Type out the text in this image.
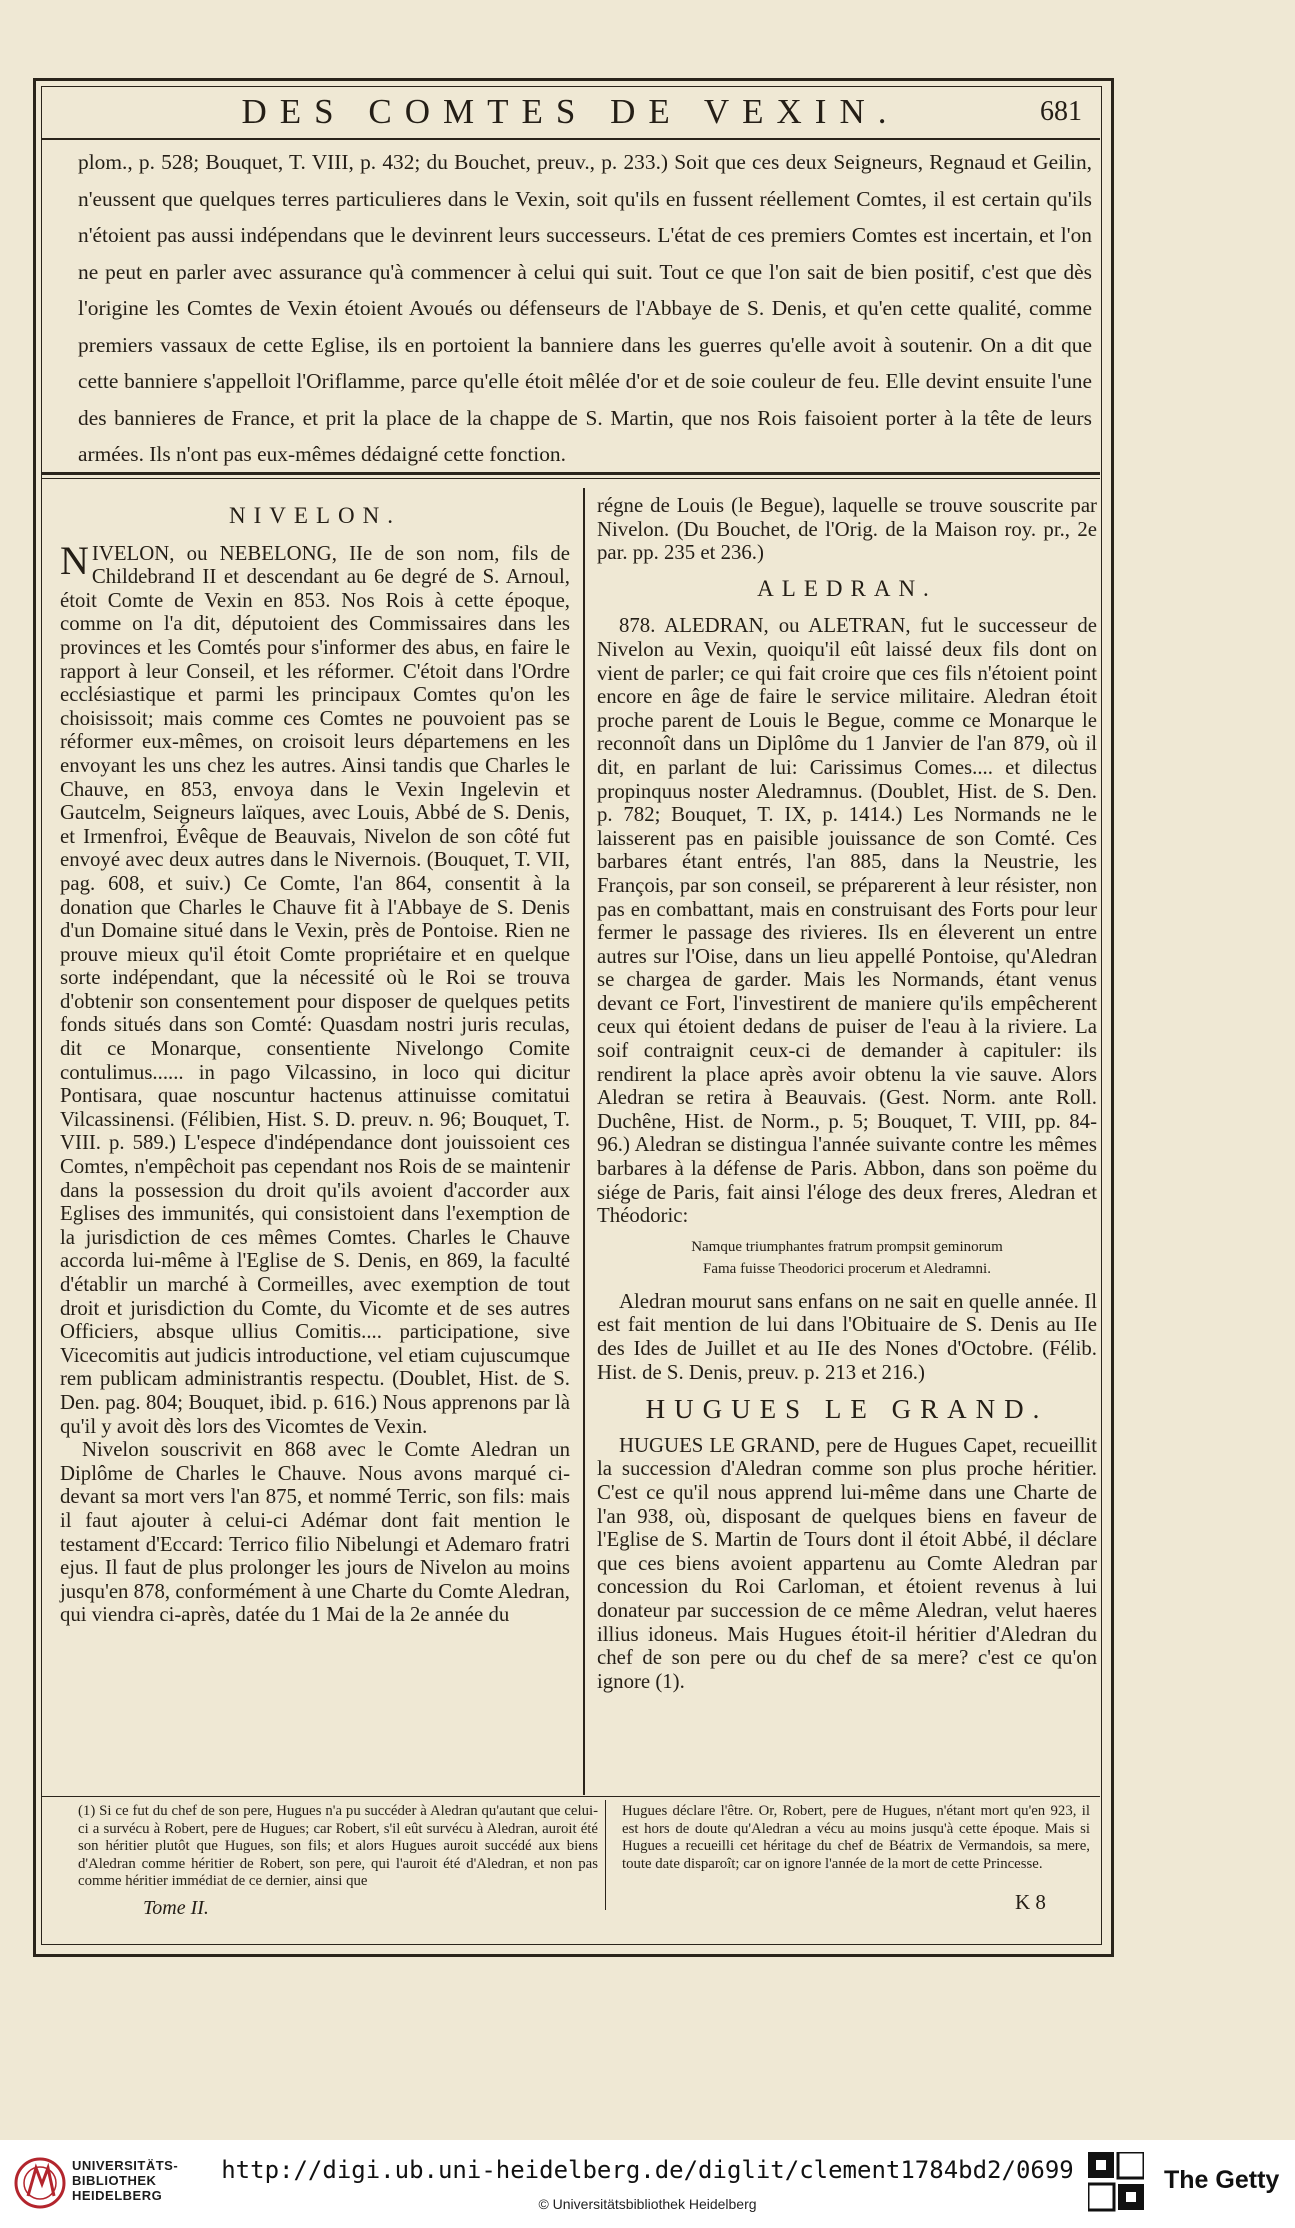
DES COMTES DE VEXIN.	681

plom., p. 528; Bouquet, T. VIII, p. 432; du Bouchet, preuv., p. 233.) Soit que ces deux Seigneurs, Regnaud et Geilin, n'eussent que quelques terres particulieres dans le Vexin, soit qu'ils en fussent réellement Comtes, il est certain qu'ils n'étoient pas aussi indépendans que le devinrent leurs successeurs. L'état de ces premiers Comtes est incertain, et l'on ne peut en parler avec assurance qu'à commencer à celui qui suit. Tout ce que l'on sait de bien positif, c'est que dès l'origine les Comtes de Vexin étoient Avoués ou défenseurs de l'Abbaye de S. Denis, et qu'en cette qualité, comme premiers vassaux de cette Eglise, ils en portoient la banniere dans les guerres qu'elle avoit à soutenir. On a dit que cette banniere s'appelloit l'Oriflamme, parce qu'elle étoit mêlée d'or et de soie couleur de feu. Elle devint ensuite l'une des bannieres de France, et prit la place de la chappe de S. Martin, que nos Rois faisoient porter à la tête de leurs armées. Ils n'ont pas eux-mêmes dédaigné cette fonction.

NIVELON.

NIVELON, ou NEBELONG, IIe de son nom, fils de Childebrand II et descendant au 6e degré de S. Arnoul, étoit Comte de Vexin en 853. Nos Rois à cette époque, comme on l'a dit, députoient des Commissaires dans les provinces et les Comtés pour s'informer des abus, en faire le rapport à leur Conseil, et les réformer. C'étoit dans l'Ordre ecclésiastique et parmi les principaux Comtes qu'on les choisissoit; mais comme ces Comtes ne pouvoient pas se réformer eux-mêmes, on croisoit leurs départemens en les envoyant les uns chez les autres. Ainsi tandis que Charles le Chauve, en 853, envoya dans le Vexin Ingelevin et Gautcelm, Seigneurs laïques, avec Louis, Abbé de S. Denis, et Irmenfroi, Évêque de Beauvais, Nivelon de son côté fut envoyé avec deux autres dans le Nivernois. (Bouquet, T. VII, pag. 608, et suiv.) Ce Comte, l'an 864, consentit à la donation que Charles le Chauve fit à l'Abbaye de S. Denis d'un Domaine situé dans le Vexin, près de Pontoise. Rien ne prouve mieux qu'il étoit Comte propriétaire et en quelque sorte indépendant, que la nécessité où le Roi se trouva d'obtenir son consentement pour disposer de quelques petits fonds situés dans son Comté: Quasdam nostri juris reculas, dit ce Monarque, consentiente Nivelongo Comite contulimus...... in pago Vilcassino, in loco qui dicitur Pontisara, quae noscuntur hactenus attinuisse comitatui Vilcassinensi. (Félibien, Hist. S. D. preuv. n. 96; Bouquet, T. VIII. p. 589.) L'espece d'indépendance dont jouissoient ces Comtes, n'empêchoit pas cependant nos Rois de se maintenir dans la possession du droit qu'ils avoient d'accorder aux Eglises des immunités, qui consistoient dans l'exemption de la jurisdiction de ces mêmes Comtes. Charles le Chauve accorda lui-même à l'Eglise de S. Denis, en 869, la faculté d'établir un marché à Cormeilles, avec exemption de tout droit et jurisdiction du Comte, du Vicomte et de ses autres Officiers, absque ullius Comitis.... participatione, sive Vicecomitis aut judicis introductione, vel etiam cujuscumque rem publicam administrantis respectu. (Doublet, Hist. de S. Den. pag. 804; Bouquet, ibid. p. 616.) Nous apprenons par là qu'il y avoit dès lors des Vicomtes de Vexin.

Nivelon souscrivit en 868 avec le Comte Aledran un Diplôme de Charles le Chauve. Nous avons marqué ci-devant sa mort vers l'an 875, et nommé Terric, son fils: mais il faut ajouter à celui-ci Adémar dont fait mention le testament d'Eccard: Terrico filio Nibelungi et Ademaro fratri ejus. Il faut de plus prolonger les jours de Nivelon au moins jusqu'en 878, conformément à une Charte du Comte Aledran, qui viendra ci-après, datée du 1 Mai de la 2e année du

régne de Louis (le Begue), laquelle se trouve souscrite par Nivelon. (Du Bouchet, de l'Orig. de la Maison roy. pr., 2e par. pp. 235 et 236.)

ALEDRAN.

878. ALEDRAN, ou ALETRAN, fut le successeur de Nivelon au Vexin, quoiqu'il eût laissé deux fils dont on vient de parler; ce qui fait croire que ces fils n'étoient point encore en âge de faire le service militaire. Aledran étoit proche parent de Louis le Begue, comme ce Monarque le reconnoît dans un Diplôme du 1 Janvier de l'an 879, où il dit, en parlant de lui: Carissimus Comes.... et dilectus propinquus noster Aledramnus. (Doublet, Hist. de S. Den. p. 782; Bouquet, T. IX, p. 1414.) Les Normands ne le laisserent pas en paisible jouissance de son Comté. Ces barbares étant entrés, l'an 885, dans la Neustrie, les François, par son conseil, se préparerent à leur résister, non pas en combattant, mais en construisant des Forts pour leur fermer le passage des rivieres. Ils en éleverent un entre autres sur l'Oise, dans un lieu appellé Pontoise, qu'Aledran se chargea de garder. Mais les Normands, étant venus devant ce Fort, l'investirent de maniere qu'ils empêcherent ceux qui étoient dedans de puiser de l'eau à la riviere. La soif contraignit ceux-ci de demander à capituler: ils rendirent la place après avoir obtenu la vie sauve. Alors Aledran se retira à Beauvais. (Gest. Norm. ante Roll. Duchêne, Hist. de Norm., p. 5; Bouquet, T. VIII, pp. 84-96.) Aledran se distingua l'année suivante contre les mêmes barbares à la défense de Paris. Abbon, dans son poëme du siége de Paris, fait ainsi l'éloge des deux freres, Aledran et Théodoric:

Namque triumphantes fratrum prompsit geminorum
Fama fuisse Theodorici procerum et Aledramni.

Aledran mourut sans enfans on ne sait en quelle année. Il est fait mention de lui dans l'Obituaire de S. Denis au IIe des Ides de Juillet et au IIe des Nones d'Octobre. (Félib. Hist. de S. Denis, preuv. p. 213 et 216.)

HUGUES LE GRAND.

HUGUES LE GRAND, pere de Hugues Capet, recueillit la succession d'Aledran comme son plus proche héritier. C'est ce qu'il nous apprend lui-même dans une Charte de l'an 938, où, disposant de quelques biens en faveur de l'Eglise de S. Martin de Tours dont il étoit Abbé, il déclare que ces biens avoient appartenu au Comte Aledran par concession du Roi Carloman, et étoient revenus à lui donateur par succession de ce même Aledran, velut haeres illius idoneus. Mais Hugues étoit-il héritier d'Aledran du chef de son pere ou du chef de sa mere? c'est ce qu'on ignore (1).

(1) Si ce fut du chef de son pere, Hugues n'a pu succéder à Aledran qu'autant que celui-ci a survécu à Robert, pere de Hugues; car Robert, s'il eût survécu à Aledran, auroit été son héritier plutôt que Hugues, son fils; et alors Hugues auroit succédé aux biens d'Aledran comme héritier de Robert, son pere, qui l'auroit été d'Aledran, et non pas comme héritier immédiat de ce dernier, ainsi que

Hugues déclare l'être. Or, Robert, pere de Hugues, n'étant mort qu'en 923, il est hors de doute qu'Aledran a vécu au moins jusqu'à cette époque. Mais si Hugues a recueilli cet héritage du chef de Béatrix de Vermandois, sa mere, toute date disparoît; car on ignore l'année de la mort de cette Princesse.

Tome II.	K 8
UNIVERSITÄTS-
BIBLIOTHEK
HEIDELBERG
http://digi.ub.uni-heidelberg.de/diglit/clement1784bd2/0699
© Universitätsbibliothek Heidelberg
The Getty
